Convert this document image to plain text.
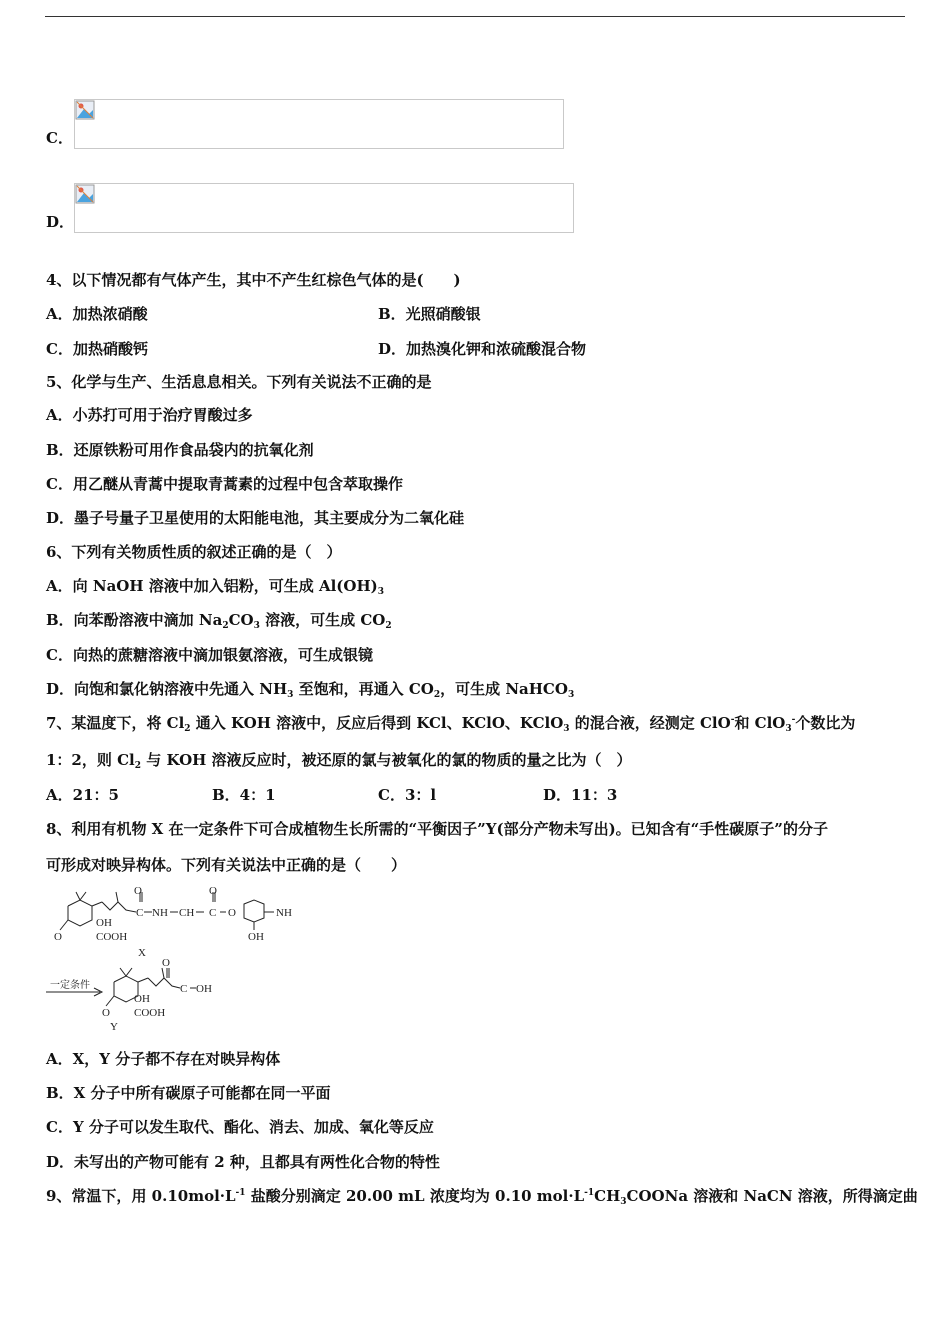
C．
D．
4、以下情况都有气体产生，其中不产生红棕色气体的是(　　)
A．加热浓硝酸	B．光照硝酸银
C．加热硝酸钙	D．加热溴化钾和浓硫酸混合物
5、化学与生产、生活息息相关。下列有关说法不正确的是
A．小苏打可用于治疗胃酸过多
B．还原铁粉可用作食品袋内的抗氧化剂
C．用乙醚从青蒿中提取青蒿素的过程中包含萃取操作
D．墨子号量子卫星使用的太阳能电池，其主要成分为二氧化硅
6、下列有关物质性质的叙述正确的是（　）
A．向 NaOH 溶液中加入铝粉，可生成 $Al(OH)_3$
B．向苯酚溶液中滴加 $Na_2CO_3$ 溶液，可生成 $CO_2$
C．向热的蔗糖溶液中滴加银氨溶液，可生成银镜
D．向饱和氯化钠溶液中先通入 $NH_3$ 至饱和，再通入 $CO_2$，可生成 NaHCO$_3$
7、某温度下，将 $Cl_2$ 通入 KOH 溶液中，反应后得到 KCl、KClO、KClO$_3$ 的混合液，经测定 ClO-和 ClO$_3$-个数比为
1：2，则 $Cl_2$ 与 KOH 溶液反应时，被还原的氯与被氧化的氯的物质的量之比为（　）
A．21：5	B．4：1	C．3：l	D．11：3
8、利用有机物 X 在一定条件下可合成植物生长所需的“平衡因子”Y(部分产物未写出)。已知含有“手性碳原子”的分子
可形成对映异构体。下列有关说法中正确的是（　　）
O
C NH CH
O
C O	NH
OH
O
OH
COOH
X
一定条件
O
C OH
O
OH
COOH
Y
A．X，Y 分子都不存在对映异构体
B．X 分子中所有碳原子可能都在同一平面
C．Y 分子可以发生取代、酯化、消去、加成、氧化等反应
D．未写出的产物可能有 2 种，且都具有两性化合物的特性
9、常温下，用 $0.10mol\cdot L^{-1}$ 盐酸分别滴定 20.00 mL 浓度均为 0.10 $mol\cdot L^{-1}CH_3COONa$ 溶液和 NaCN 溶液，所得滴定曲
